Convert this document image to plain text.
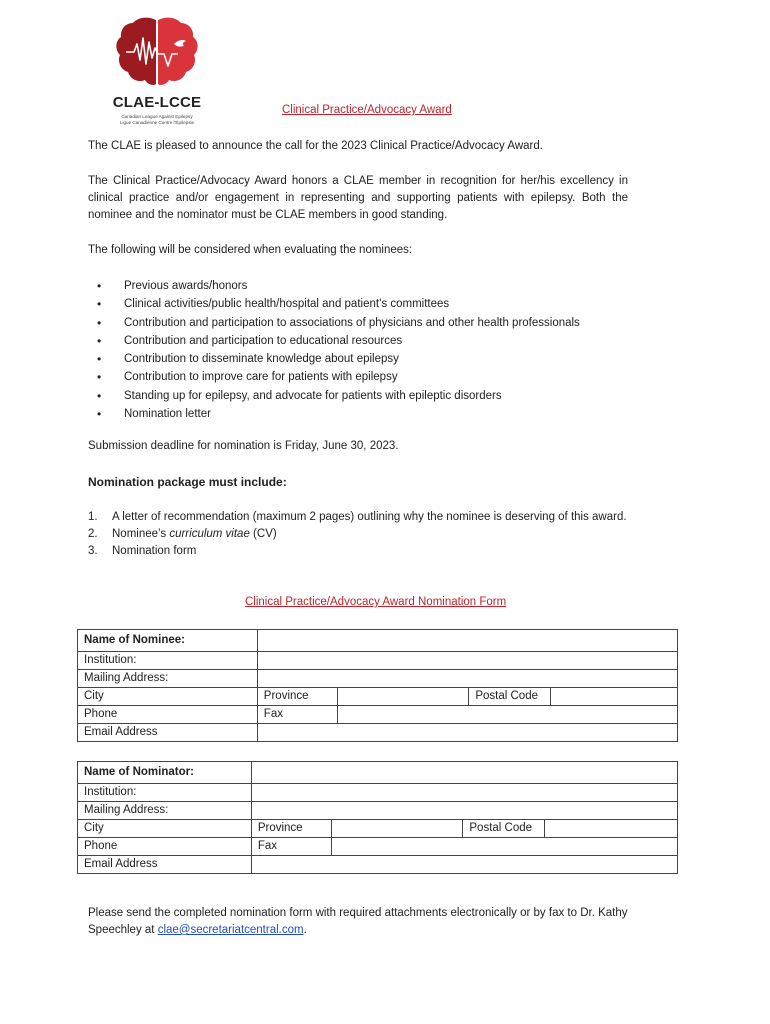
CLAE-LCCE
Canadian League Against Epilepsy
Ligue Canadienne Contre l'Épilepsie
Clinical Practice/Advocacy Award
The CLAE is pleased to announce the call for the 2023 Clinical Practice/Advocacy Award.
The Clinical Practice/Advocacy Award honors a CLAE member in recognition for her/his excellency in clinical practice and/or engagement in representing and supporting patients with epilepsy. Both the nominee and the nominator must be CLAE members in good standing.
The following will be considered when evaluating the nominees:
• Previous awards/honors
• Clinical activities/public health/hospital and patient’s committees
• Contribution and participation to associations of physicians and other health professionals
• Contribution and participation to educational resources
• Contribution to disseminate knowledge about epilepsy
• Contribution to improve care for patients with epilepsy
• Standing up for epilepsy, and advocate for patients with epileptic disorders
• Nomination letter
Submission deadline for nomination is Friday, June 30, 2023.
Nomination package must include:
1. A letter of recommendation (maximum 2 pages) outlining why the nominee is deserving of this award.
2. Nominee’s curriculum vitae (CV)
3. Nomination form
Clinical Practice/Advocacy Award Nomination Form
Name of Nominee:				
Institution:				
Mailing Address:				
City	Province		Postal Code	
Phone	Fax			
Email Address				
Name of Nominator:				
Institution:				
Mailing Address:				
City	Province		Postal Code	
Phone	Fax			
Email Address				
Please send the completed nomination form with required attachments electronically or by fax to Dr. Kathy Speechley at clae@secretariatcentral.com.
